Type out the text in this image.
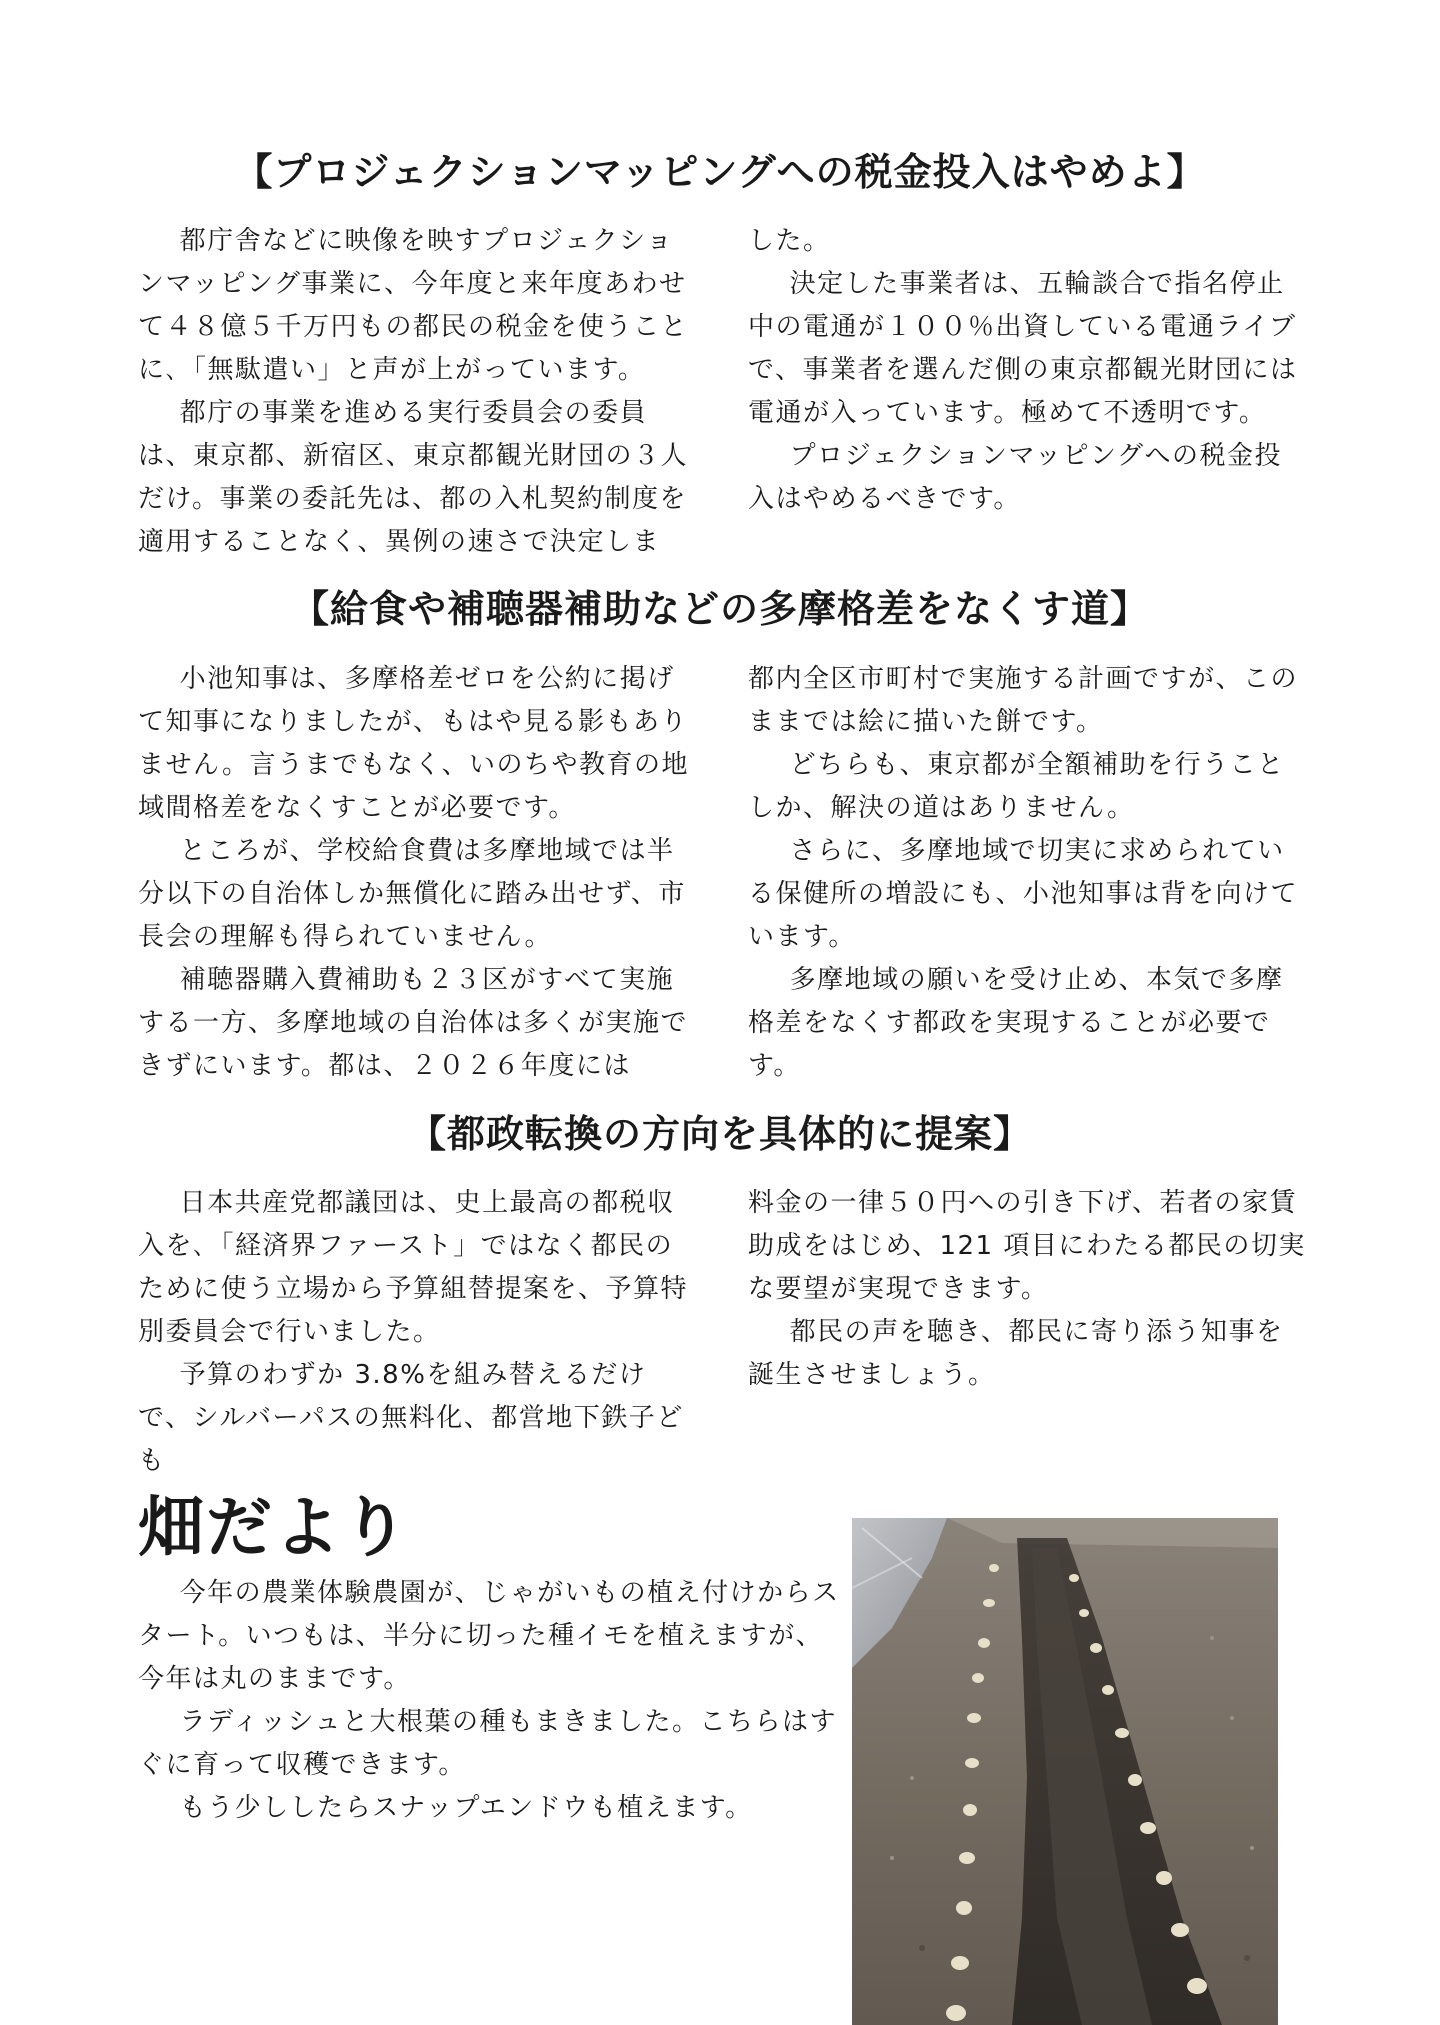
【プロジェクションマッピングへの税金投入はやめよ】

都庁舎などに映像を映すプロジェクションマッピング事業に、今年度と来年度あわせて４８億５千万円もの都民の税金を使うことに､「無駄遣い」と声が上がっています。

都庁の事業を進める実行委員会の委員は、東京都、新宿区、東京都観光財団の３人だけ。事業の委託先は、都の入札契約制度を適用することなく、異例の速さで決定しま

した。

決定した事業者は、五輪談合で指名停止中の電通が１００％出資している電通ライブで、事業者を選んだ側の東京都観光財団には電通が入っています。極めて不透明です。

プロジェクションマッピングへの税金投入はやめるべきです。

【給食や補聴器補助などの多摩格差をなくす道】

小池知事は、多摩格差ゼロを公約に掲げて知事になりましたが、もはや見る影もありません。言うまでもなく、いのちや教育の地域間格差をなくすことが必要です。

ところが、学校給食費は多摩地域では半分以下の自治体しか無償化に踏み出せず、市長会の理解も得られていません。

補聴器購入費補助も２３区がすべて実施する一方、多摩地域の自治体は多くが実施できずにいます。都は、２０２６年度には

都内全区市町村で実施する計画ですが、このままでは絵に描いた餅です。

どちらも、東京都が全額補助を行うことしか、解決の道はありません。

さらに、多摩地域で切実に求められている保健所の増設にも、小池知事は背を向けています。

多摩地域の願いを受け止め、本気で多摩格差をなくす都政を実現することが必要です。

【都政転換の方向を具体的に提案】

日本共産党都議団は、史上最高の都税収入を､「経済界ファースト」ではなく都民のために使う立場から予算組替提案を、予算特別委員会で行いました。

予算のわずか 3.8%を組み替えるだけで、シルバーパスの無料化、都営地下鉄子ども

料金の一律５０円への引き下げ、若者の家賃助成をはじめ、121 項目にわたる都民の切実な要望が実現できます。

都民の声を聴き、都民に寄り添う知事を誕生させましょう。

畑だより

今年の農業体験農園が、じゃがいもの植え付けからスタート。いつもは、半分に切った種イモを植えますが、今年は丸のままです。

ラディッシュと大根葉の種もまきました。こちらはすぐに育って収穫できます。

もう少ししたらスナップエンドウも植えます。
